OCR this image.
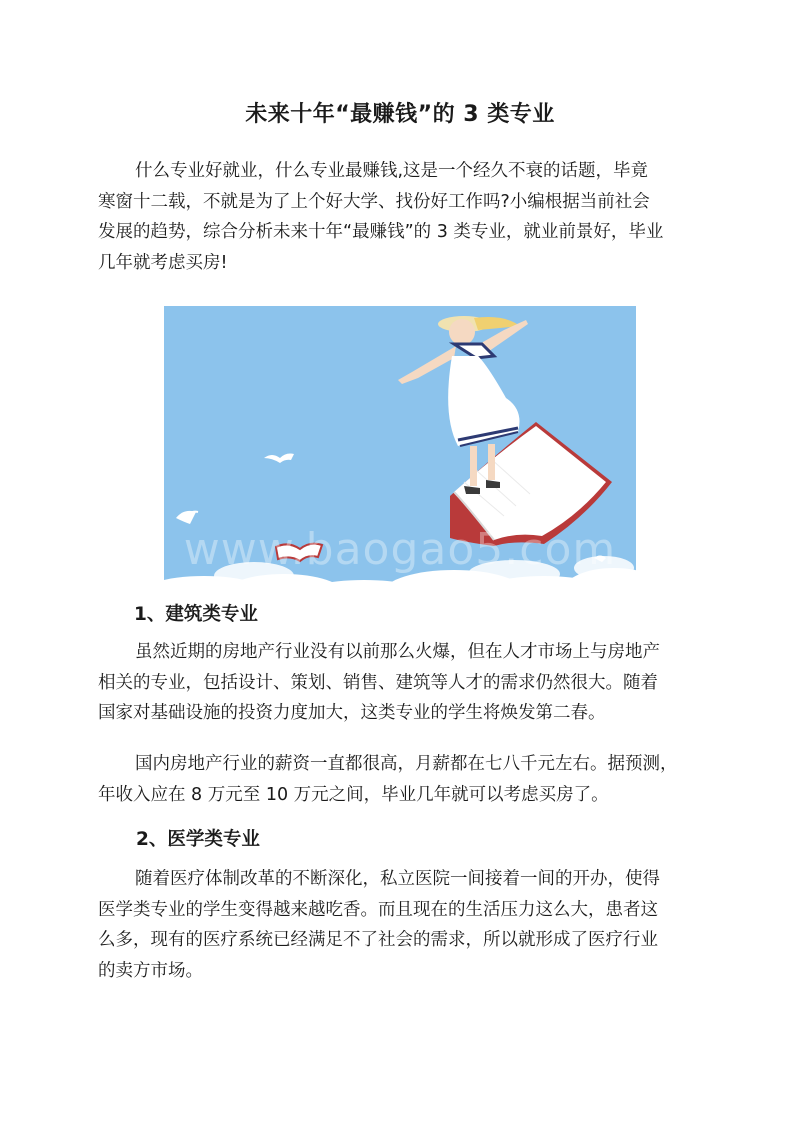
未来十年“最赚钱”的 3 类专业
什么专业好就业，什么专业最赚钱,这是一个经久不衰的话题，毕竟
寒窗十二载，不就是为了上个好大学、找份好工作吗?小编根据当前社会
发展的趋势，综合分析未来十年“最赚钱”的 3 类专业，就业前景好，毕业
几年就考虑买房!
www.baogao5.com
1、建筑类专业
虽然近期的房地产行业没有以前那么火爆，但在人才市场上与房地产
相关的专业，包括设计、策划、销售、建筑等人才的需求仍然很大。随着
国家对基础设施的投资力度加大，这类专业的学生将焕发第二春。
国内房地产行业的薪资一直都很高，月薪都在七八千元左右。据预测，
年收入应在 8 万元至 10 万元之间，毕业几年就可以考虑买房了。
2、医学类专业
随着医疗体制改革的不断深化，私立医院一间接着一间的开办，使得
医学类专业的学生变得越来越吃香。而且现在的生活压力这么大，患者这
么多，现有的医疗系统已经满足不了社会的需求，所以就形成了医疗行业
的卖方市场。
